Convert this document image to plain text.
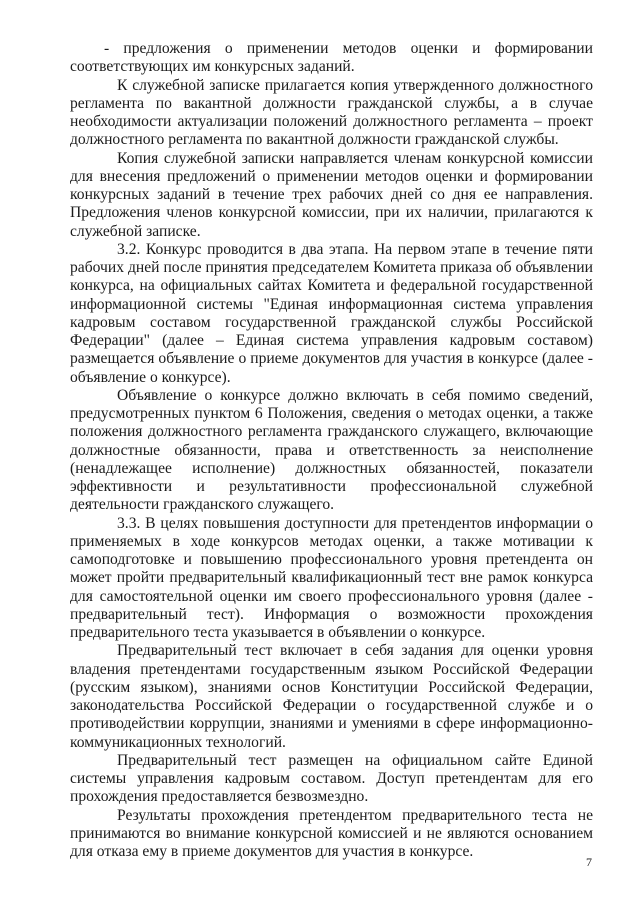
- предложения о применении методов оценки и формировании соответствующих им конкурсных заданий.

К служебной записке прилагается копия утвержденного должностного регламента по вакантной должности гражданской службы, а в случае необходимости актуализации положений должностного регламента – проект должностного регламента по вакантной должности гражданской службы.

Копия служебной записки направляется членам конкурсной комиссии для внесения предложений о применении методов оценки и формировании конкурсных заданий в течение трех рабочих дней со дня ее направления. Предложения членов конкурсной комиссии, при их наличии, прилагаются к служебной записке.

3.2. Конкурс проводится в два этапа. На первом этапе в течение пяти рабочих дней после принятия председателем Комитета приказа об объявлении конкурса, на официальных сайтах Комитета и федеральной государственной информационной системы "Единая информационная система управления кадровым составом государственной гражданской службы Российской Федерации" (далее – Единая система управления кадровым составом) размещается объявление о приеме документов для участия в конкурсе (далее - объявление о конкурсе).

Объявление о конкурсе должно включать в себя помимо сведений, предусмотренных пунктом 6 Положения, сведения о методах оценки, а также положения должностного регламента гражданского служащего, включающие должностные обязанности, права и ответственность за неисполнение (ненадлежащее исполнение) должностных обязанностей, показатели эффективности и результативности профессиональной служебной деятельности гражданского служащего.

3.3. В целях повышения доступности для претендентов информации о применяемых в ходе конкурсов методах оценки, а также мотивации к самоподготовке и повышению профессионального уровня претендента он может пройти предварительный квалификационный тест вне рамок конкурса для самостоятельной оценки им своего профессионального уровня (далее - предварительный тест). Информация о возможности прохождения предварительного теста указывается в объявлении о конкурсе.

Предварительный тест включает в себя задания для оценки уровня владения претендентами государственным языком Российской Федерации (русским языком), знаниями основ Конституции Российской Федерации, законодательства Российской Федерации о государственной службе и о противодействии коррупции, знаниями и умениями в сфере информационно-коммуникационных технологий.

Предварительный тест размещен на официальном сайте Единой системы управления кадровым составом. Доступ претендентам для его прохождения предоставляется безвозмездно.

Результаты прохождения претендентом предварительного теста не принимаются во внимание конкурсной комиссией и не являются основанием для отказа ему в приеме документов для участия в конкурсе.

7
